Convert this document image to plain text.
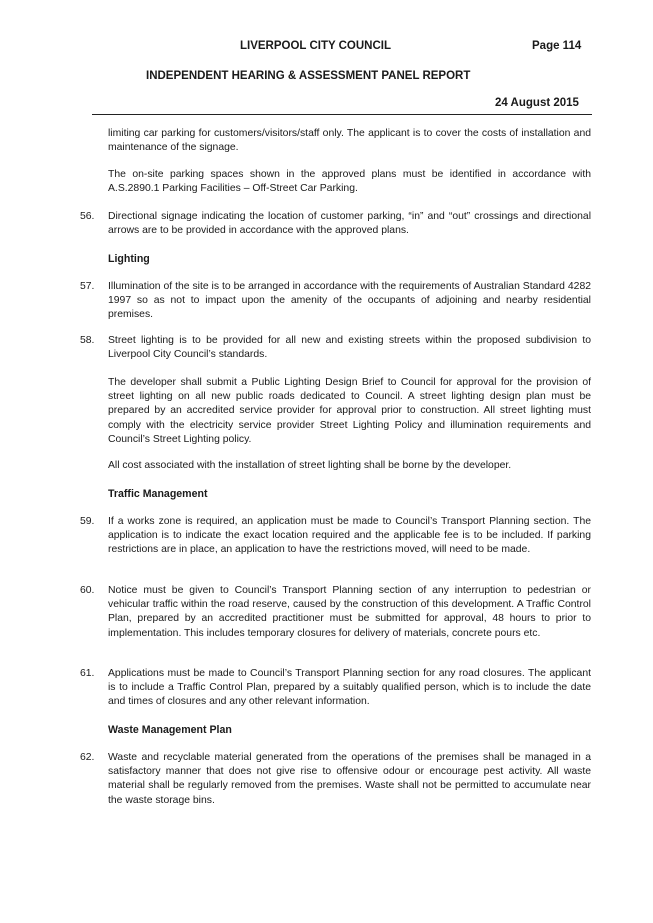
LIVERPOOL CITY COUNCIL	Page 114
INDEPENDENT HEARING & ASSESSMENT PANEL REPORT
24 August 2015

limiting car parking for customers/visitors/staff only. The applicant is to cover the costs of installation and maintenance of the signage.

The on-site parking spaces shown in the approved plans must be identified in accordance with A.S.2890.1 Parking Facilities – Off-Street Car Parking.

56. Directional signage indicating the location of customer parking, “in” and “out” crossings and directional arrows are to be provided in accordance with the approved plans.

Lighting
57. Illumination of the site is to be arranged in accordance with the requirements of Australian Standard 4282 1997 so as not to impact upon the amenity of the occupants of adjoining and nearby residential premises.

58. Street lighting is to be provided for all new and existing streets within the proposed subdivision to Liverpool City Council’s standards.

The developer shall submit a Public Lighting Design Brief to Council for approval for the provision of street lighting on all new public roads dedicated to Council. A street lighting design plan must be prepared by an accredited service provider for approval prior to construction. All street lighting must comply with the electricity service provider Street Lighting Policy and illumination requirements and Council’s Street Lighting policy.

All cost associated with the installation of street lighting shall be borne by the developer.

Traffic Management
59. If a works zone is required, an application must be made to Council’s Transport Planning section. The application is to indicate the exact location required and the applicable fee is to be included. If parking restrictions are in place, an application to have the restrictions moved, will need to be made.

60. Notice must be given to Council’s Transport Planning section of any interruption to pedestrian or vehicular traffic within the road reserve, caused by the construction of this development. A Traffic Control Plan, prepared by an accredited practitioner must be submitted for approval, 48 hours to prior to implementation. This includes temporary closures for delivery of materials, concrete pours etc.

61. Applications must be made to Council’s Transport Planning section for any road closures. The applicant is to include a Traffic Control Plan, prepared by a suitably qualified person, which is to include the date and times of closures and any other relevant information.

Waste Management Plan
62. Waste and recyclable material generated from the operations of the premises shall be managed in a satisfactory manner that does not give rise to offensive odour or encourage pest activity. All waste material shall be regularly removed from the premises. Waste shall not be permitted to accumulate near the waste storage bins.
